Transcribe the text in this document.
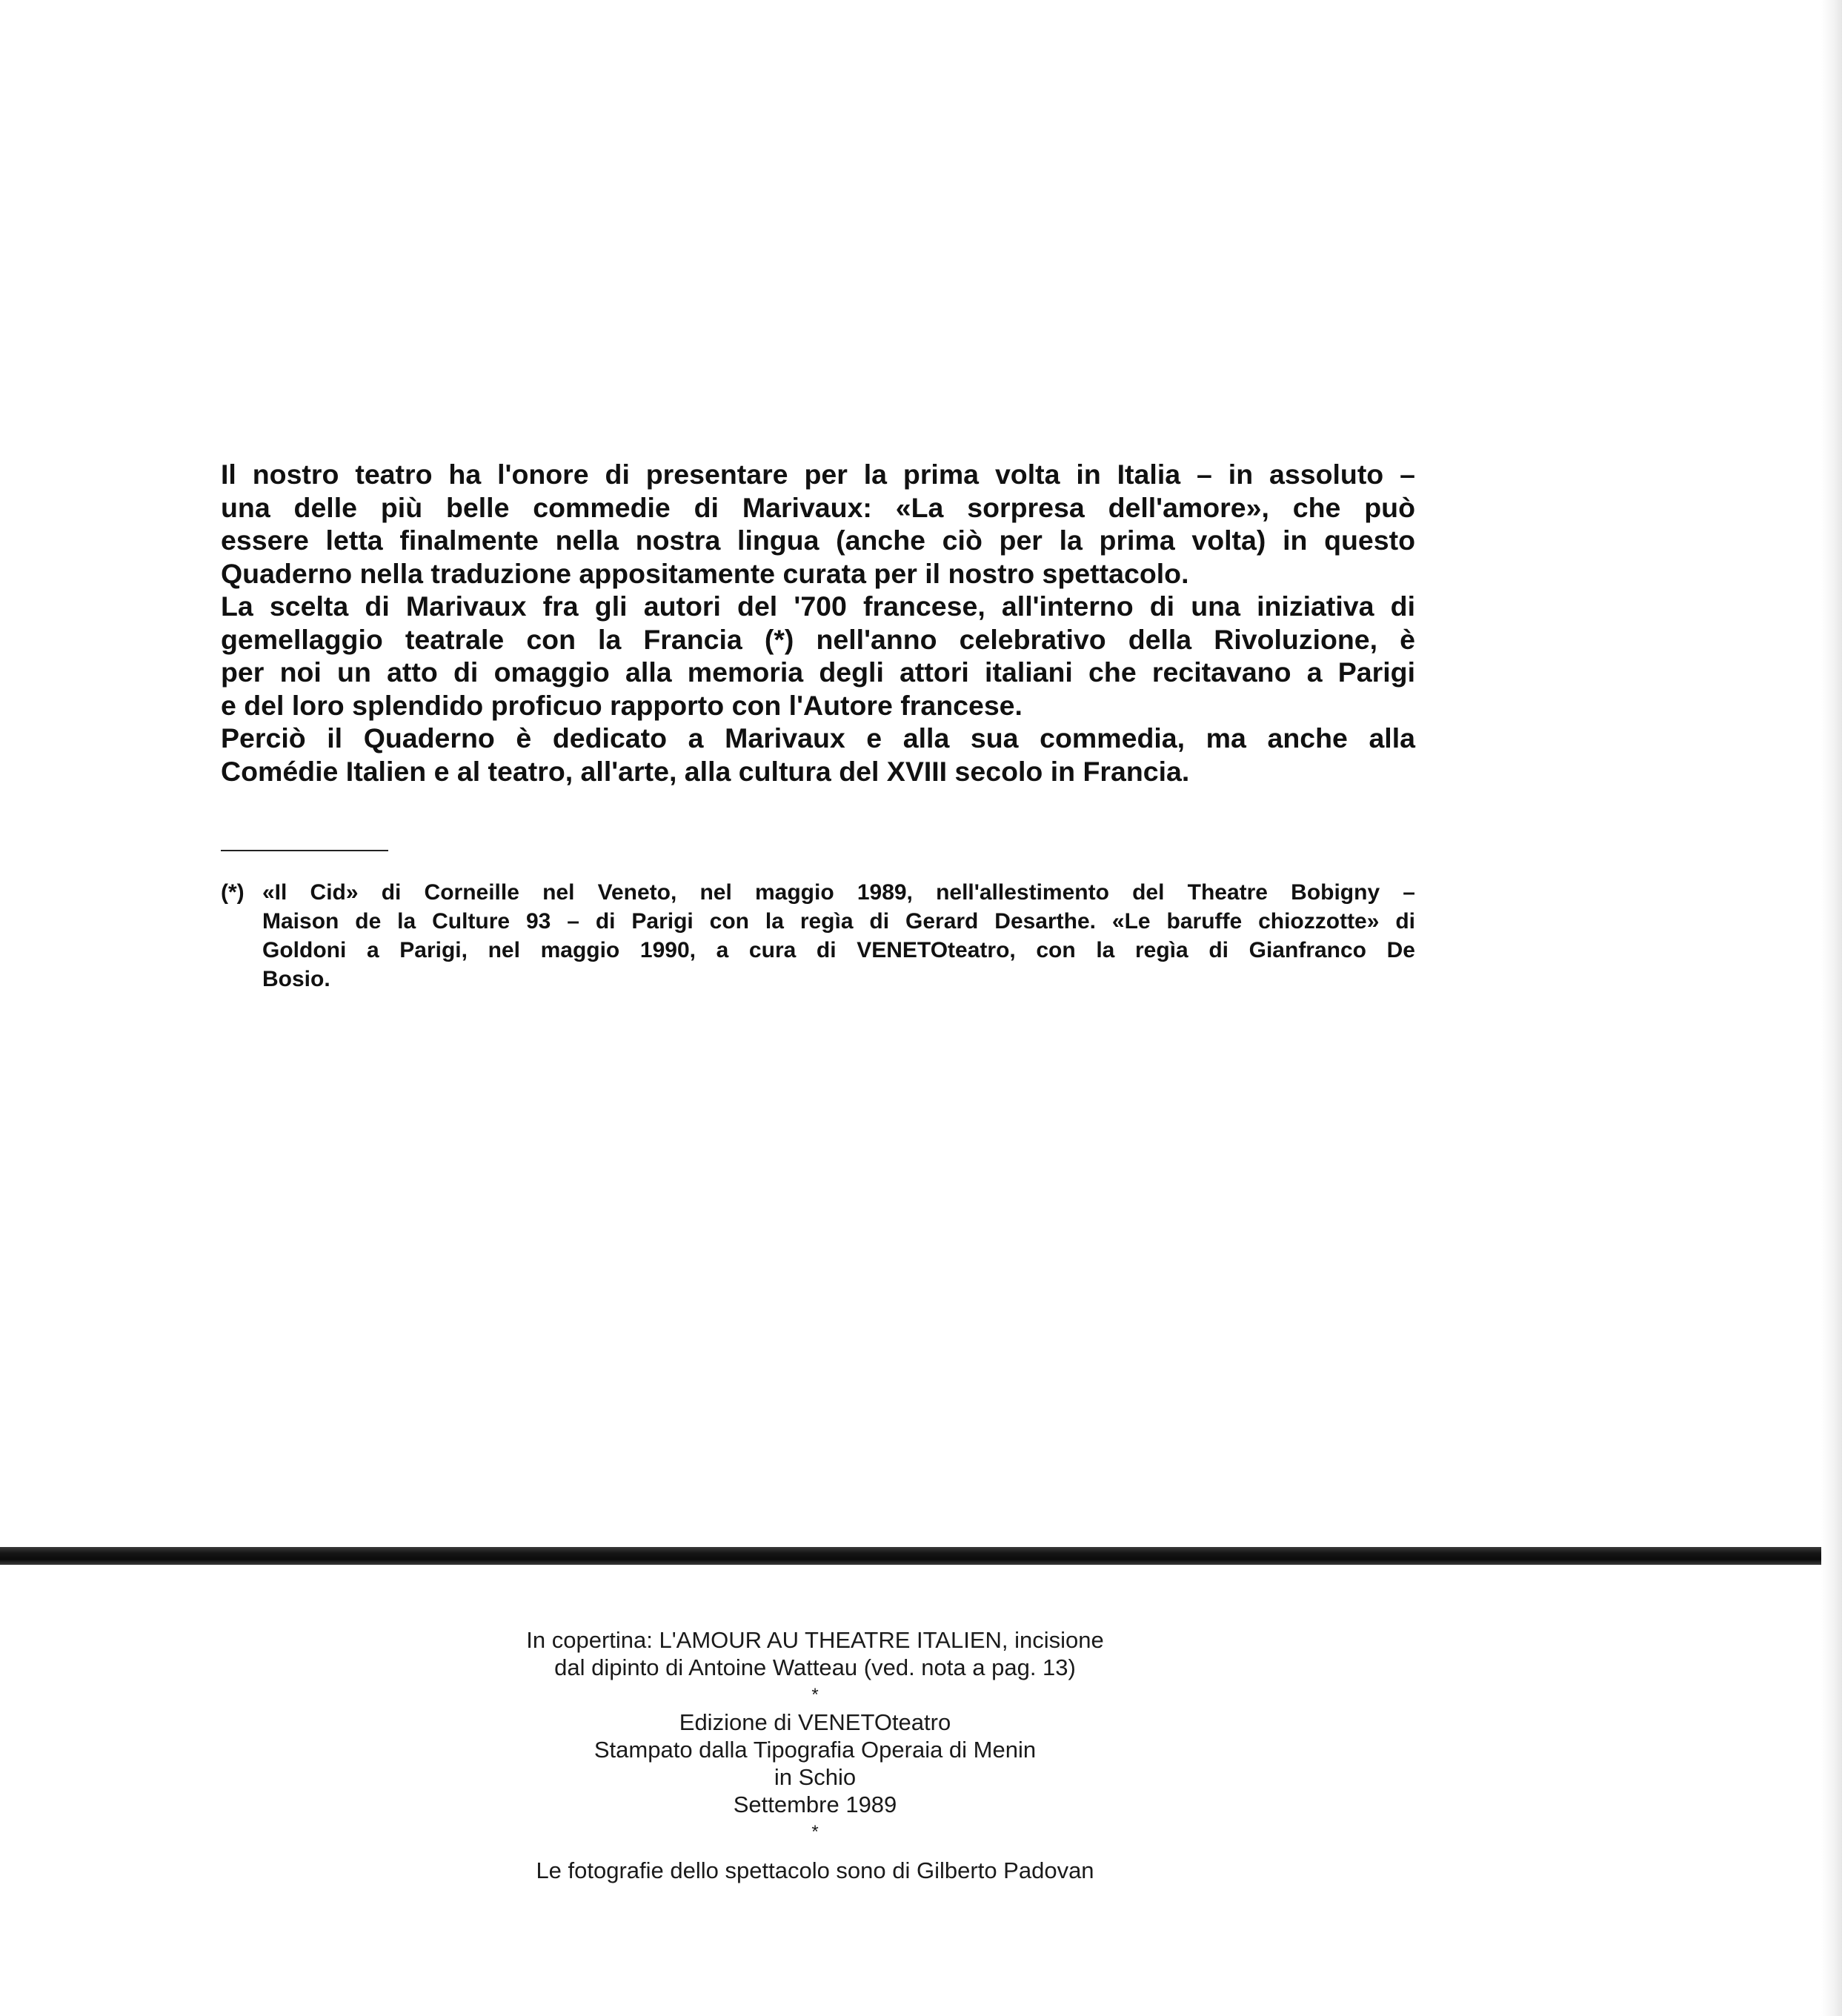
Il nostro teatro ha l'onore di presentare per la prima volta in Italia – in assoluto –
una delle più belle commedie di Marivaux: «La sorpresa dell'amore», che può
essere letta finalmente nella nostra lingua (anche ciò per la prima volta) in questo
Quaderno nella traduzione appositamente curata per il nostro spettacolo.
La scelta di Marivaux fra gli autori del '700 francese, all'interno di una iniziativa di
gemellaggio teatrale con la Francia (*) nell'anno celebrativo della Rivoluzione, è
per noi un atto di omaggio alla memoria degli attori italiani che recitavano a Parigi
e del loro splendido proficuo rapporto con l'Autore francese.
Perciò il Quaderno è dedicato a Marivaux e alla sua commedia, ma anche alla
Comédie Italien e al teatro, all'arte, alla cultura del XVIII secolo in Francia.
(*) «Il Cid» di Corneille nel Veneto, nel maggio 1989, nell'allestimento del Theatre Bobigny –
Maison de la Culture 93 – di Parigi con la regìa di Gerard Desarthe. «Le baruffe chiozzotte» di
Goldoni a Parigi, nel maggio 1990, a cura di VENETOteatro, con la regìa di Gianfranco De
Bosio.
In copertina: L'AMOUR AU THEATRE ITALIEN, incisione
dal dipinto di Antoine Watteau (ved. nota a pag. 13)
*
Edizione di VENETOteatro
Stampato dalla Tipografia Operaia di Menin
in Schio
Settembre 1989
*
Le fotografie dello spettacolo sono di Gilberto Padovan
